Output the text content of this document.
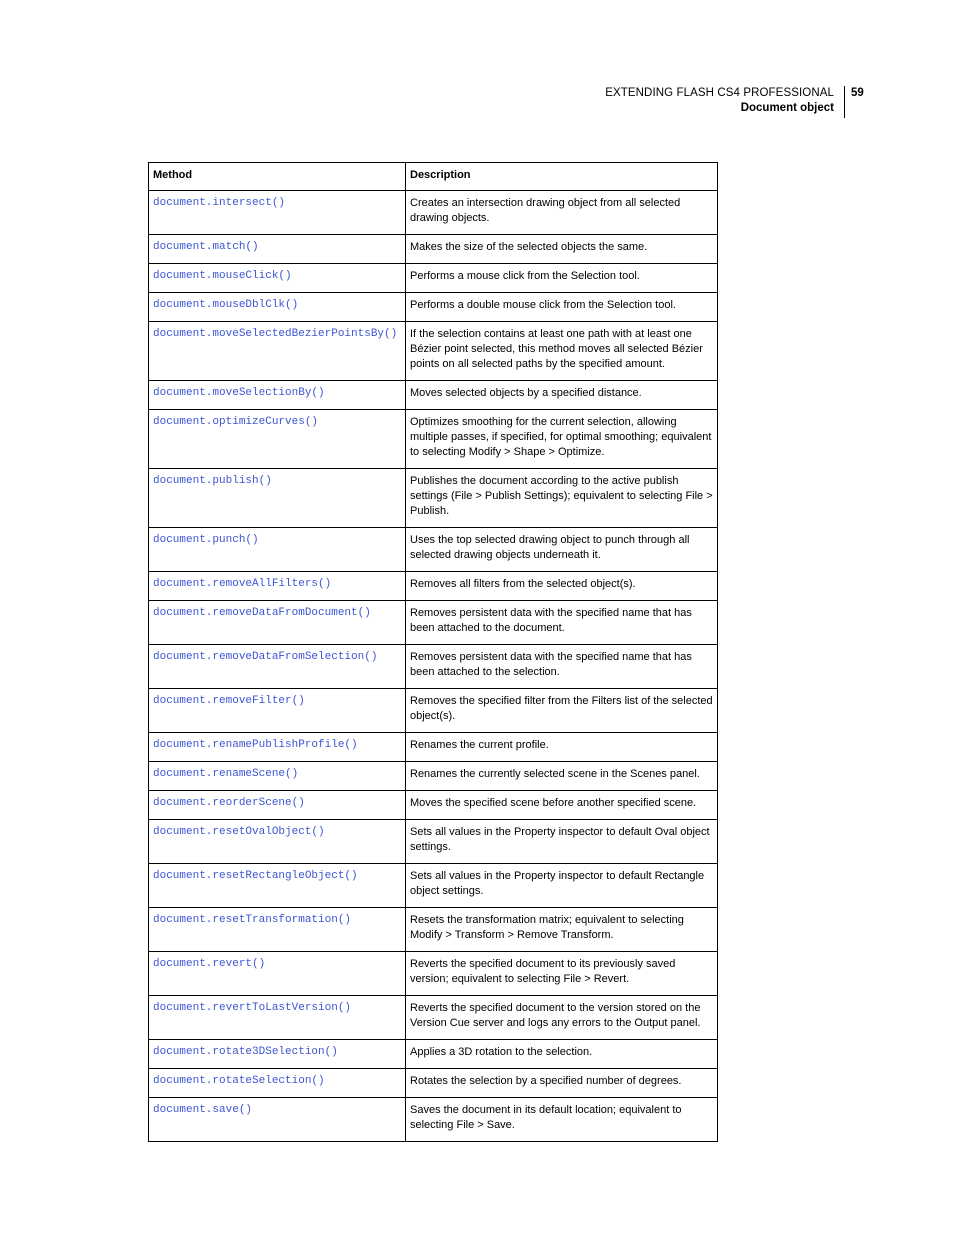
EXTENDING FLASH CS4 PROFESSIONAL
Document object
59
Method	Description
document.intersect()	Creates an intersection drawing object from all selected drawing objects.
document.match()	Makes the size of the selected objects the same.
document.mouseClick()	Performs a mouse click from the Selection tool.
document.mouseDblClk()	Performs a double mouse click from the Selection tool.
document.moveSelectedBezierPointsBy()	If the selection contains at least one path with at least one Bézier point selected, this method moves all selected Bézier points on all selected paths by the specified amount.
document.moveSelectionBy()	Moves selected objects by a specified distance.
document.optimizeCurves()	Optimizes smoothing for the current selection, allowing multiple passes, if specified, for optimal smoothing; equivalent to selecting Modify > Shape > Optimize.
document.publish()	Publishes the document according to the active publish settings (File > Publish Settings); equivalent to selecting File > Publish.
document.punch()	Uses the top selected drawing object to punch through all selected drawing objects underneath it.
document.removeAllFilters()	Removes all filters from the selected object(s).
document.removeDataFromDocument()	Removes persistent data with the specified name that has been attached to the document.
document.removeDataFromSelection()	Removes persistent data with the specified name that has been attached to the selection.
document.removeFilter()	Removes the specified filter from the Filters list of the selected object(s).
document.renamePublishProfile()	Renames the current profile.
document.renameScene()	Renames the currently selected scene in the Scenes panel.
document.reorderScene()	Moves the specified scene before another specified scene.
document.resetOvalObject()	Sets all values in the Property inspector to default Oval object settings.
document.resetRectangleObject()	Sets all values in the Property inspector to default Rectangle object settings.
document.resetTransformation()	Resets the transformation matrix; equivalent to selecting Modify > Transform > Remove Transform.
document.revert()	Reverts the specified document to its previously saved version; equivalent to selecting File > Revert.
document.revertToLastVersion()	Reverts the specified document to the version stored on the Version Cue server and logs any errors to the Output panel.
document.rotate3DSelection()	Applies a 3D rotation to the selection.
document.rotateSelection()	Rotates the selection by a specified number of degrees.
document.save()	Saves the document in its default location; equivalent to selecting File > Save.
